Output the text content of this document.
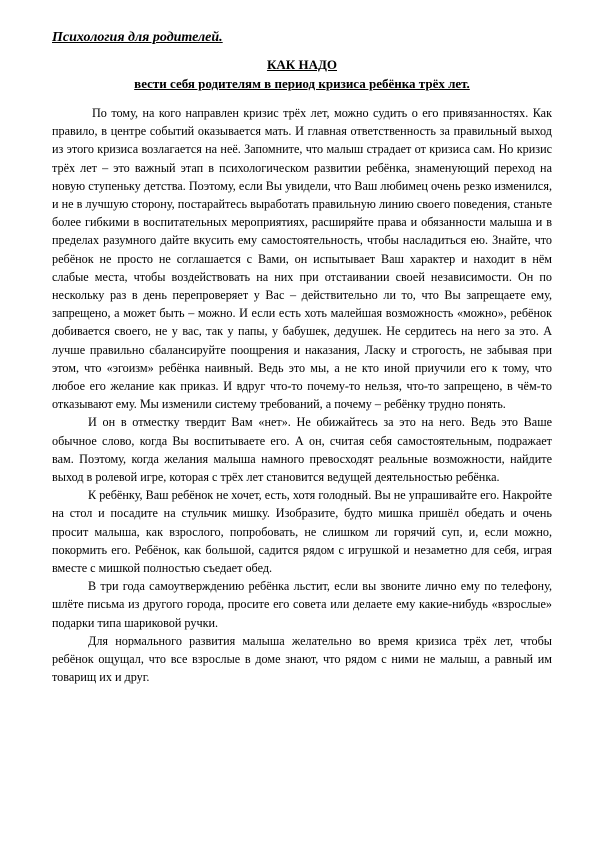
Психология для родителей.
КАК НАДО
вести себя родителям в период кризиса ребёнка трёх лет.

По тому, на кого направлен кризис трёх лет, можно судить о его привязанностях. Как правило, в центре событий оказывается мать. И главная ответственность за правильный выход из этого кризиса возлагается на неё. Запомните, что малыш страдает от кризиса сам. Но кризис трёх лет – это важный этап в психологическом развитии ребёнка, знаменующий переход на новую ступеньку детства. Поэтому, если Вы увидели, что Ваш любимец очень резко изменился, и не в лучшую сторону, постарайтесь выработать правильную линию своего поведения, станьте более гибкими в воспитательных мероприятиях, расширяйте права и обязанности малыша и в пределах разумного дайте вкусить ему самостоятельность, чтобы насладиться ею. Знайте, что ребёнок не просто не соглашается с Вами, он испытывает Ваш характер и находит в нём слабые места, чтобы воздействовать на них при отстаивании своей независимости. Он по нескольку раз в день перепроверяет у Вас – действительно ли то, что Вы запрещаете ему, запрещено, а может быть – можно. И если есть хоть малейшая возможность «можно», ребёнок добивается своего, не у вас, так у папы, у бабушек, дедушек. Не сердитесь на него за это. А лучше правильно сбалансируйте поощрения и наказания, Ласку и строгость, не забывая при этом, что «эгоизм» ребёнка наивный. Ведь это мы, а не кто иной приучили его к тому, что любое его желание как приказ. И вдруг что-то почему-то нельзя, что-то запрещено, в чём-то отказывают ему. Мы изменили систему требований, а почему – ребёнку трудно понять.

И он в отместку твердит Вам «нет». Не обижайтесь за это на него. Ведь это Ваше обычное слово, когда Вы воспитываете его. А он, считая себя самостоятельным, подражает вам. Поэтому, когда желания малыша намного превосходят реальные возможности, найдите выход в ролевой игре, которая с трёх лет становится ведущей деятельностью ребёнка.

К ребёнку, Ваш ребёнок не хочет, есть, хотя голодный. Вы не упрашивайте его. Накройте на стол и посадите на стульчик мишку. Изобразите, будто мишка пришёл обедать и очень просит малыша, как взрослого, попробовать, не слишком ли горячий суп, и, если можно, покормить его. Ребёнок, как большой, садится рядом с игрушкой и незаметно для себя, играя вместе с мишкой полностью съедает обед.

В три года самоутверждению ребёнка льстит, если вы звоните лично ему по телефону, шлёте письма из другого города, просите его совета или делаете ему какие-нибудь «взрослые» подарки типа шариковой ручки.

Для нормального развития малыша желательно во время кризиса трёх лет, чтобы ребёнок ощущал, что все взрослые в доме знают, что рядом с ними не малыш, а равный им товарищ их и друг.
